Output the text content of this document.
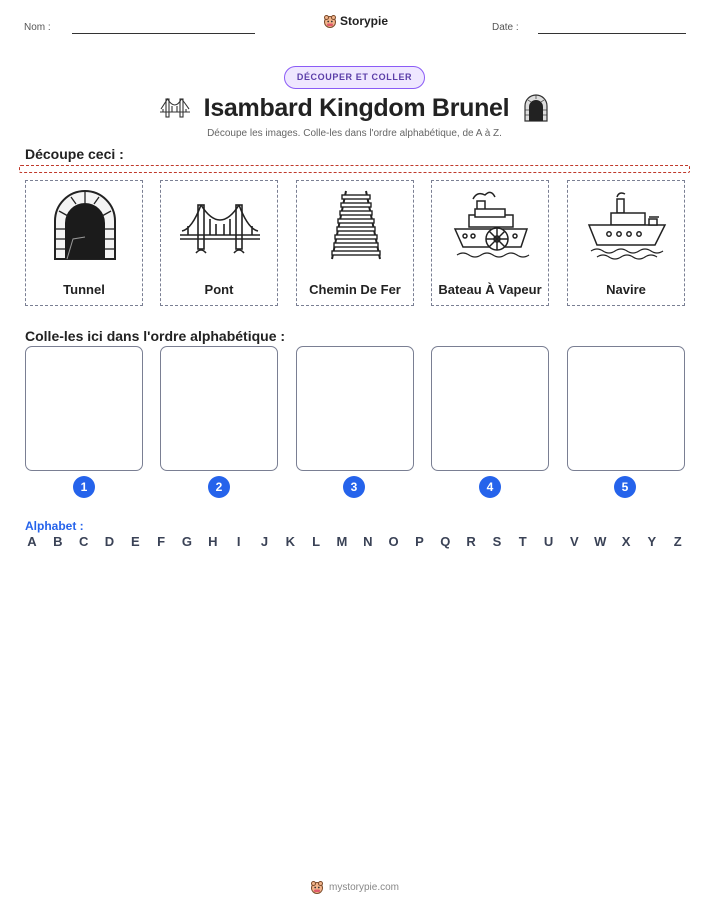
Nom :	Storypie	Date :
DÉCOUPER ET COLLER
Isambard Kingdom Brunel
Découpe les images. Colle-les dans l'ordre alphabétique, de A à Z.
Découpe ceci :
Tunnel	Pont	Chemin De Fer	Bateau À Vapeur	Navire
Colle-les ici dans l'ordre alphabétique :
1	2	3	4	5
Alphabet :
A B C D E F G H	I	J K L M N O P Q R S T U V W X Y Z
mystorypie.com
